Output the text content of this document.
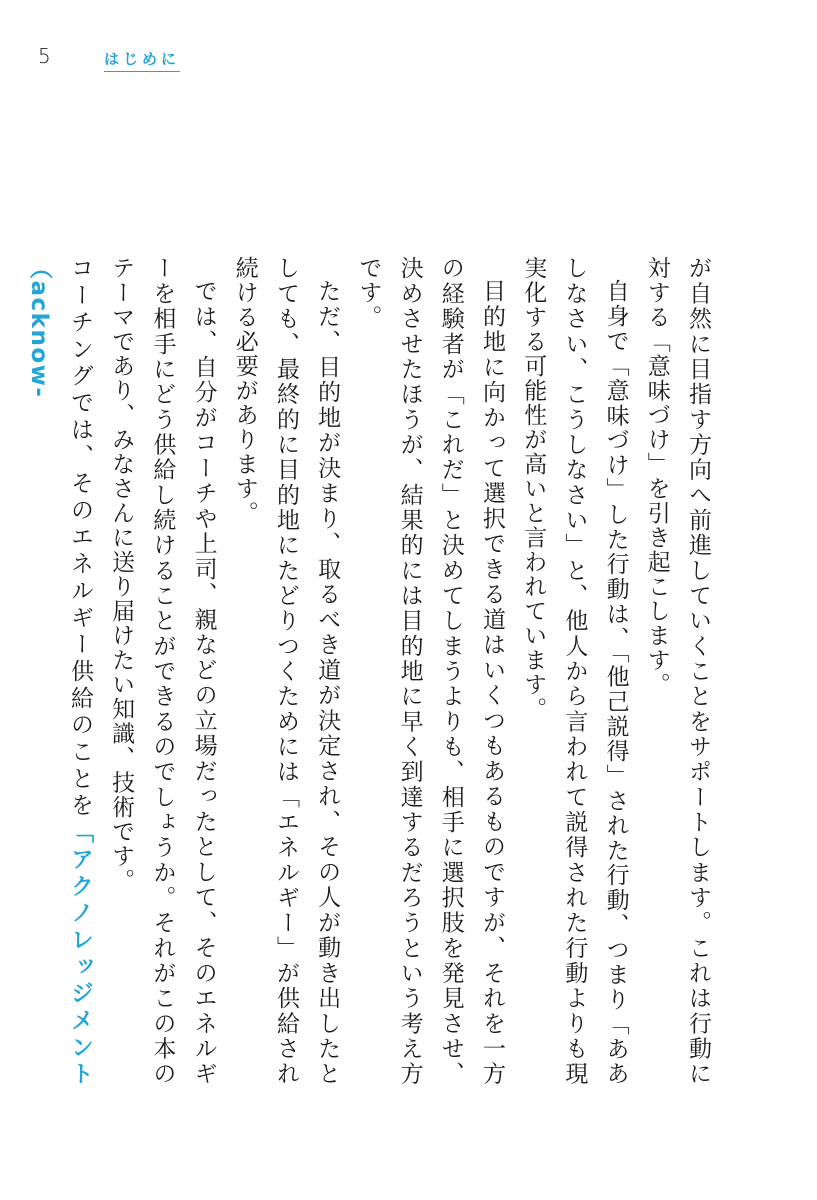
5	はじめに

が自然に目指す方向へ前進していくことをサポートします。これは行動に対する「意味づけ」を引き起こします。

自身で「意味づけ」した行動は、「他己説得」された行動、つまり「ああしなさい、こうしなさい」と、他人から言われて説得された行動よりも現実化する可能性が高いと言われています。

目的地に向かって選択できる道はいくつもあるものですが、それを一方の経験者が「これだ」と決めてしまうよりも、相手に選択肢を発見させ、決めさせたほうが、結果的には目的地に早く到達するだろうという考え方です。

ただ、目的地が決まり、取るべき道が決定され、その人が動き出したとしても、最終的に目的地にたどりつくためには「エネルギー」が供給され続ける必要があります。

では、自分がコーチや上司、親などの立場だったとして、そのエネルギーを相手にどう供給し続けることができるのでしょうか。それがこの本のテーマであり、みなさんに送り届けたい知識、技術です。

コーチングでは、そのエネルギー供給のことを「アクノレッジメント（acknow-
